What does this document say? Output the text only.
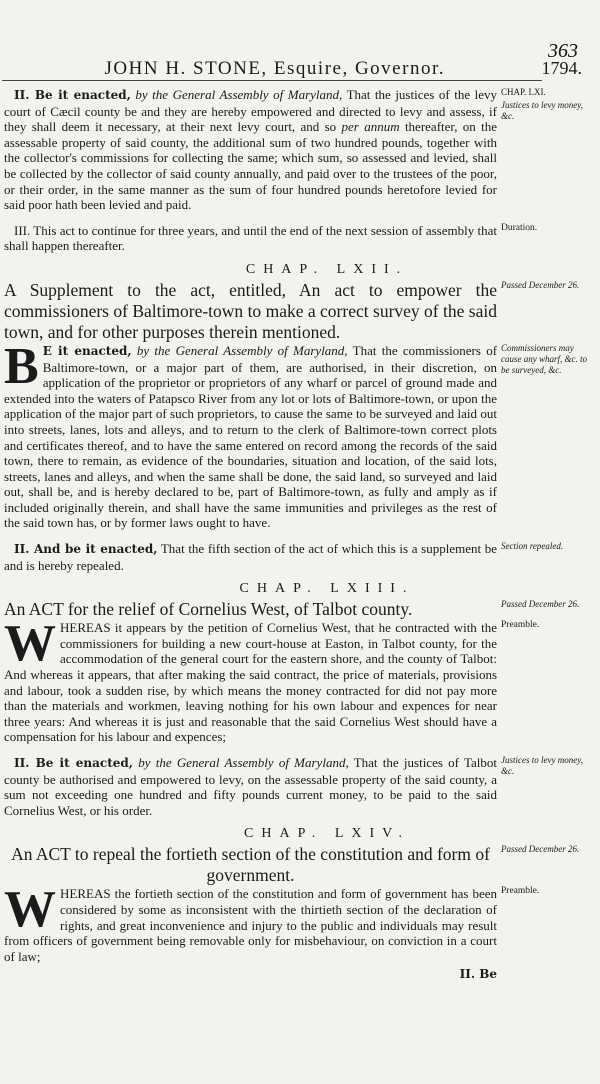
363
JOHN H. STONE, Esquire, Governor.	1794.

II. Be it enacted, by the General Assembly of Maryland, That the justices of the levy court of Cæcil county be and they are hereby empowered and directed to levy and assess, if they shall deem it necessary, at their next levy court, and so per annum thereafter, on the assessable property of said county, the additional sum of two hundred pounds, together with the collector's commissions for collecting the same; which sum, so assessed and levied, shall be collected by the collector of said county annually, and paid over to the trustees of the poor, or their order, in the same manner as the sum of four hundred pounds heretofore levied for said poor hath been levied and paid.

CHAP. LXI.
Justices to levy money, &c.

III. This act to continue for three years, and until the end of the next session of assembly that shall happen thereafter.

Duration.
CHAP. LXII.

A Supplement to the act, entitled, An act to empower the commissioners of Baltimore-town to make a correct survey of the said town, and for other purposes therein mentioned.

Passed December 26.

B E it enacted, by the General Assembly of Maryland, That the commissioners of Baltimore-town, or a major part of them, are authorised, in their discretion, on application of the proprietor or proprietors of any wharf or parcel of ground made and extended into the waters of Patapsco River from any lot or lots of Baltimore-town, or upon the application of the major part of such proprietors, to cause the same to be surveyed and laid out into streets, lanes, lots and alleys, and to return to the clerk of Baltimore-town correct plots and certificates thereof, and to have the same entered on record among the records of the said town, there to remain, as evidence of the boundaries, situation and location, of the said lots, streets, lanes and alleys, and when the same shall be done, the said land, so surveyed and laid out, shall be, and is hereby declared to be, part of Baltimore-town, as fully and amply as if included originally therein, and shall have the same immunities and privileges as the rest of the said town has, or by former laws ought to have.

Commissioners may cause any wharf, &c. to be surveyed, &c.

II. And be it enacted, That the fifth section of the act of which this is a supplement be and is hereby repealed.

Section repealed.
CHAP. LXIII.

An ACT for the relief of Cornelius West, of Talbot county.	Passed December 26.

WHEREAS it appears by the petition of Cornelius West, that he contracted with the commissioners for building a new court-house at Easton, in Talbot county, for the accommodation of the general court for the eastern shore, and the county of Talbot: And whereas it appears, that after making the said contract, the price of materials, provisions and labour, took a sudden rise, by which means the money contracted for did not pay more than the materials and workmen, leaving nothing for his own labour and expences for near three years: And whereas it is just and reasonable that the said Cornelius West should have a compensation for his labour and expences;

Preamble.

II. Be it enacted, by the General Assembly of Maryland, That the justices of Talbot county be authorised and empowered to levy, on the assessable property of the said county, a sum not exceeding one hundred and fifty pounds current money, to be paid to the said Cornelius West, or his order.

Justices to levy money, &c.
CHAP. LXIV.

An ACT to repeal the fortieth section of the constitution and form of government.

Passed December 26.

WHEREAS the fortieth section of the constitution and form of government has been considered by some as inconsistent with the thirtieth section of the declaration of rights, and great inconvenience and injury to the public and individuals may result from officers of government being removable only for misbehaviour, on conviction in a court of law;

II. Be

Preamble.
